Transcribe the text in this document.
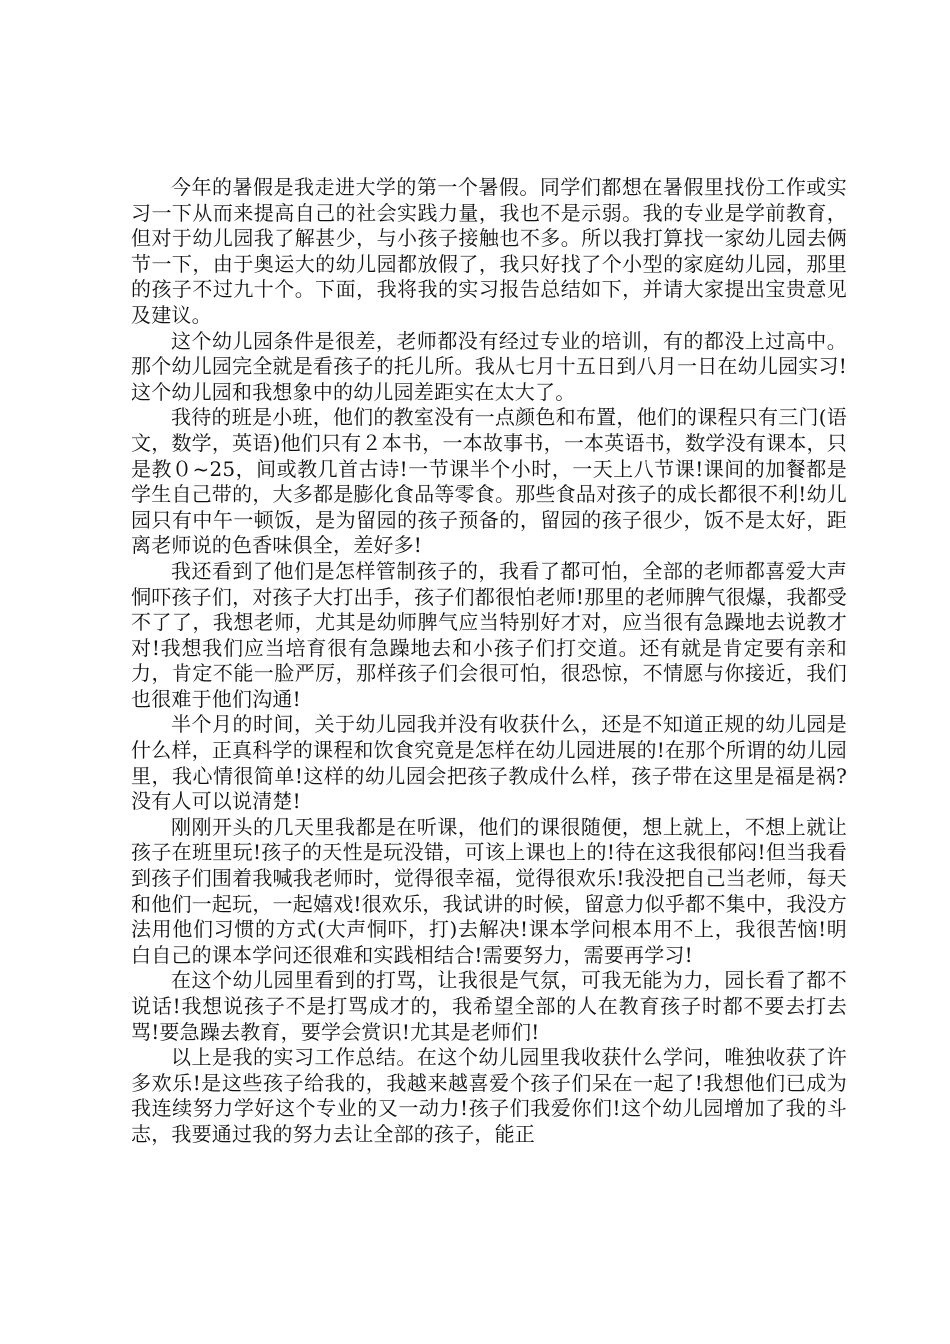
今年的暑假是我走进大学的第一个暑假。同学们都想在暑假里找份工作或实习一下从而来提高自己的社会实践力量，我也不是示弱。我的专业是学前教育，但对于幼儿园我了解甚少，与小孩子接触也不多。所以我打算找一家幼儿园去俩节一下，由于奥运大的幼儿园都放假了，我只好找了个小型的家庭幼儿园，那里的孩子不过九十个。下面，我将我的实习报告总结如下，并请大家提出宝贵意见及建议。

这个幼儿园条件是很差，老师都没有经过专业的培训，有的都没上过高中。那个幼儿园完全就是看孩子的托儿所。我从七月十五日到八月一日在幼儿园实习!这个幼儿园和我想象中的幼儿园差距实在太大了。

我待的班是小班，他们的教室没有一点颜色和布置，他们的课程只有三门(语文，数学，英语)他们只有２本书，一本故事书，一本英语书，数学没有课本，只是教０~25，间或教几首古诗!一节课半个小时，一天上八节课!课间的加餐都是学生自己带的，大多都是膨化食品等零食。那些食品对孩子的成长都很不利!幼儿园只有中午一顿饭，是为留园的孩子预备的，留园的孩子很少，饭不是太好，距离老师说的色香味俱全，差好多!

我还看到了他们是怎样管制孩子的，我看了都可怕，全部的老师都喜爱大声恫吓孩子们，对孩子大打出手，孩子们都很怕老师!那里的老师脾气很爆，我都受不了了，我想老师，尤其是幼师脾气应当特别好才对，应当很有急躁地去说教才对!我想我们应当培育很有急躁地去和小孩子们打交道。还有就是肯定要有亲和力，肯定不能一脸严厉，那样孩子们会很可怕，很恐惊，不情愿与你接近，我们也很难于他们沟通!

半个月的时间，关于幼儿园我并没有收获什么，还是不知道正规的幼儿园是什么样，正真科学的课程和饮食究竟是怎样在幼儿园进展的!在那个所谓的幼儿园里，我心情很简单!这样的幼儿园会把孩子教成什么样，孩子带在这里是福是祸?没有人可以说清楚!

刚刚开头的几天里我都是在听课，他们的课很随便，想上就上，不想上就让孩子在班里玩!孩子的天性是玩没错，可该上课也上的!待在这我很郁闷!但当我看到孩子们围着我喊我老师时，觉得很幸福，觉得很欢乐!我没把自己当老师，每天和他们一起玩，一起嬉戏!很欢乐，我试讲的时候，留意力似乎都不集中，我没方法用他们习惯的方式(大声恫吓，打)去解决!课本学问根本用不上，我很苦恼!明白自己的课本学问还很难和实践相结合!需要努力，需要再学习!

在这个幼儿园里看到的打骂，让我很是气氛，可我无能为力，园长看了都不说话!我想说孩子不是打骂成才的，我希望全部的人在教育孩子时都不要去打去骂!要急躁去教育，要学会赏识!尤其是老师们!

以上是我的实习工作总结。在这个幼儿园里我收获什么学问，唯独收获了许多欢乐!是这些孩子给我的，我越来越喜爱个孩子们呆在一起了!我想他们已成为我连续努力学好这个专业的又一动力!孩子们我爱你们!这个幼儿园增加了我的斗志，我要通过我的努力去让全部的孩子，能正
